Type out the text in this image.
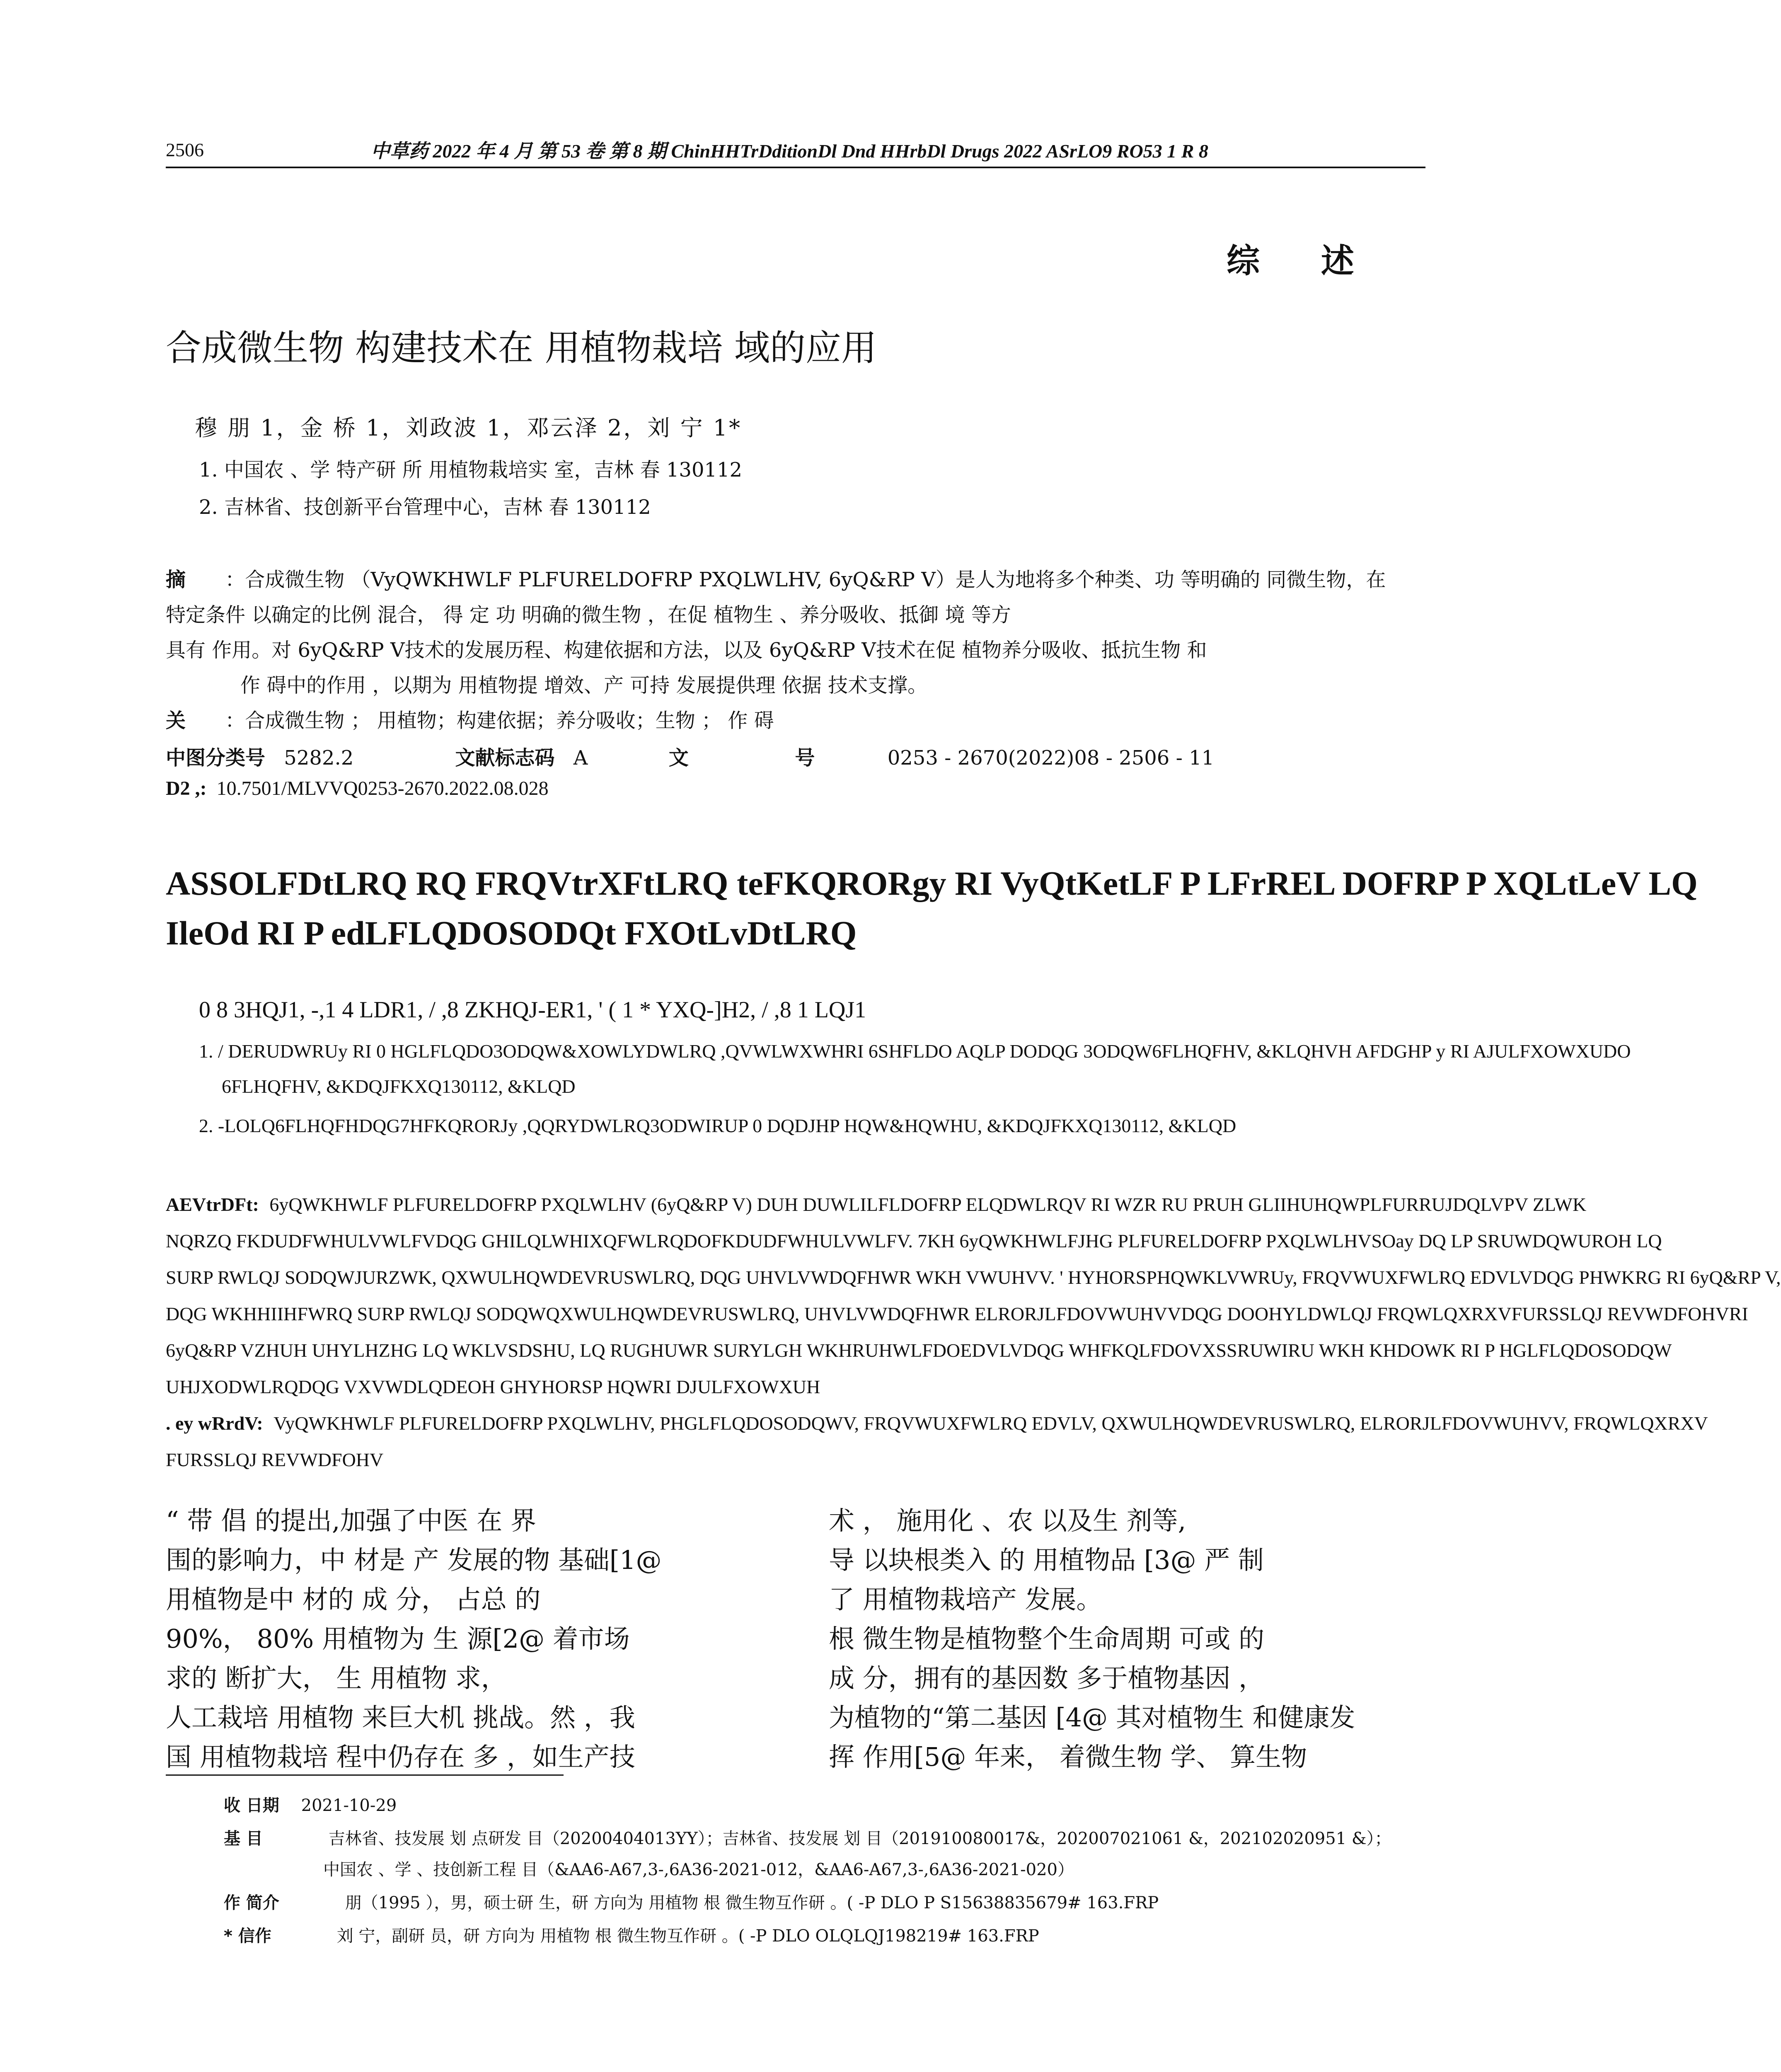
2506	中草药 2022 年 4 月 第 53 卷 第 8 期 ChinHHTrDditionDl Dnd HHrbDl Drugs 2022 ASrLO9 RO53 1 R 8
综 述
合成微生物 构建技术在 用植物栽培 域的应用
穆 朋 1，金 桥 1，刘政波 1，邓云泽 2，刘 宁 1*
1. 中国农 、学 特产研 所 用植物栽培实 室，吉林 春 130112
2. 吉林省、技创新平台管理中心，吉林 春 130112
摘 ：合成微生物 （VyQWKHWLF PLFURELDOFRP PXQLWLHV, 6yQ&RP V）是人为地将多个种类、功 等明确的 同微生物，在
特定条件 以确定的比例 混合， 得 定 功 明确的微生物 ，在促 植物生 、养分吸收、抵御 境 等方
具有 作用。对 6yQ&RP V技术的发展历程、构建依据和方法，以及 6yQ&RP V技术在促 植物养分吸收、抵抗生物 和
作 碍中的作用 ，以期为 用植物提 增效、产 可持 发展提供理 依据 技术支撑。
关 ：合成微生物 ； 用植物；构建依据；养分吸收；生物 ； 作 碍
中图分类号 5282.2	文献标志码 A	文 号 0253 - 2670(2022)08 - 2506 - 11
D2 ,: 10.7501/MLVVQ0253-2670.2022.08.028
ASSOLFDtLRQ RQ FRQVtrXFtLRQ teFKQRORgy RI VyQtKetLF P LFrREL DOFRP P XQLtLeV LQ
IleOd RI P edLFLQDOSODQt FXOtLvDtLRQ
0 8 3HQJ1, -,1 4 LDR1, / ,8 ZKHQJ-ER1, ' ( 1 * YXQ-]H2, / ,8 1 LQJ1
1. / DERUDWRUy RI 0 HGLFLQDO3ODQW&XOWLYDWLRQ ,QVWLWXWHRI 6SHFLDO AQLP DODQG 3ODQW6FLHQFHV, &KLQHVH AFDGHP y RI AJULFXOWXUDO
6FLHQFHV, &KDQJFKXQ130112, &KLQD
2. -LOLQ6FLHQFHDQG7HFKQRORJy ,QQRYDWLRQ3ODWIRUP 0 DQDJHP HQW&HQWHU, &KDQJFKXQ130112, &KLQD
AEVtrDFt: 6yQWKHWLF PLFURELDOFRP PXQLWLHV (6yQ&RP V) DUH DUWLILFLDOFRP ELQDWLRQV RI WZR RU PRUH GLIIHUHQWPLFURRUJDQLVPV ZLWK
NQRZQ FKDUDFWHULVWLFVDQG GHILQLWHIXQFWLRQDOFKDUDFWHULVWLFV. 7KH 6yQWKHWLFJHG PLFURELDOFRP PXQLWLHVSOay DQ LP SRUWDQWUROH LQ
SURP RWLQJ SODQWJURZWK, QXWULHQWDEVRUSWLRQ, DQG UHVLVWDQFHWR WKH VWUHVV. ' HYHORSPHQWKLVWRUy, FRQVWUXFWLRQ EDVLVDQG PHWKRG RI 6yQ&RP V,
DQG WKHHIIHFWRQ SURP RWLQJ SODQWQXWULHQWDEVRUSWLRQ, UHVLVWDQFHWR ELRORJLFDOVWUHVVDQG DOOHYLDWLQJ FRQWLQXRXVFURSSLQJ REVWDFOHVRI
6yQ&RP VZHUH UHYLHZHG LQ WKLVSDSHU, LQ RUGHUWR SURYLGH WKHRUHWLFDOEDVLVDQG WHFKQLFDOVXSSRUWIRU WKH KHDOWK RI P HGLFLQDOSODQW
UHJXODWLRQDQG VXVWDLQDEOH GHYHORSP HQWRI DJULFXOWXUH
. ey wRrdV: VyQWKHWLF PLFURELDOFRP PXQLWLHV, PHGLFLQDOSODQWV, FRQVWUXFWLRQ EDVLV, QXWULHQWDEVRUSWLRQ, ELRORJLFDOVWUHVV, FRQWLQXRXV
FURSSLQJ REVWDFOHV
“ 带 倡 的提出,加强了中医 在 界
围的影响力，中 材是 产 发展的物 基础[1@
用植物是中 材的 成 分， 占总 的
90%， 80% 用植物为 生 源[2@ 着市场
求的 断扩大， 生 用植物 求，
人工栽培 用植物 来巨大机 挑战。然 ，我
国 用植物栽培 程中仍存在 多 ，如生产技
术 ， 施用化 、农 以及生 剂等,
导 以块根类入 的 用植物品 [3@ 严 制
了 用植物栽培产 发展。
根 微生物是植物整个生命周期 可或 的
成 分，拥有的基因数 多于植物基因 ，
为植物的“第二基因 [4@ 其对植物生 和健康发
挥 作用[5@ 年来， 着微生物 学、 算生物
收 日期 2021-10-29
基 目	吉林省、技发展 划 点研发 目（20200404013YY）；吉林省、技发展 划 目（201910080017&，202007021061 &，202102020951 &）；
中国农 、学 、技创新工程 目（&AA6-A67,3-,6A36-2021-012，&AA6-A67,3-,6A36-2021-020）
作 简介	朋（1995 ），男，硕士研 生，研 方向为 用植物 根 微生物互作研 。( -P DLO P S15638835679# 163.FRP
* 信作	刘 宁，副研 员，研 方向为 用植物 根 微生物互作研 。( -P DLO OLQLQJ198219# 163.FRP
